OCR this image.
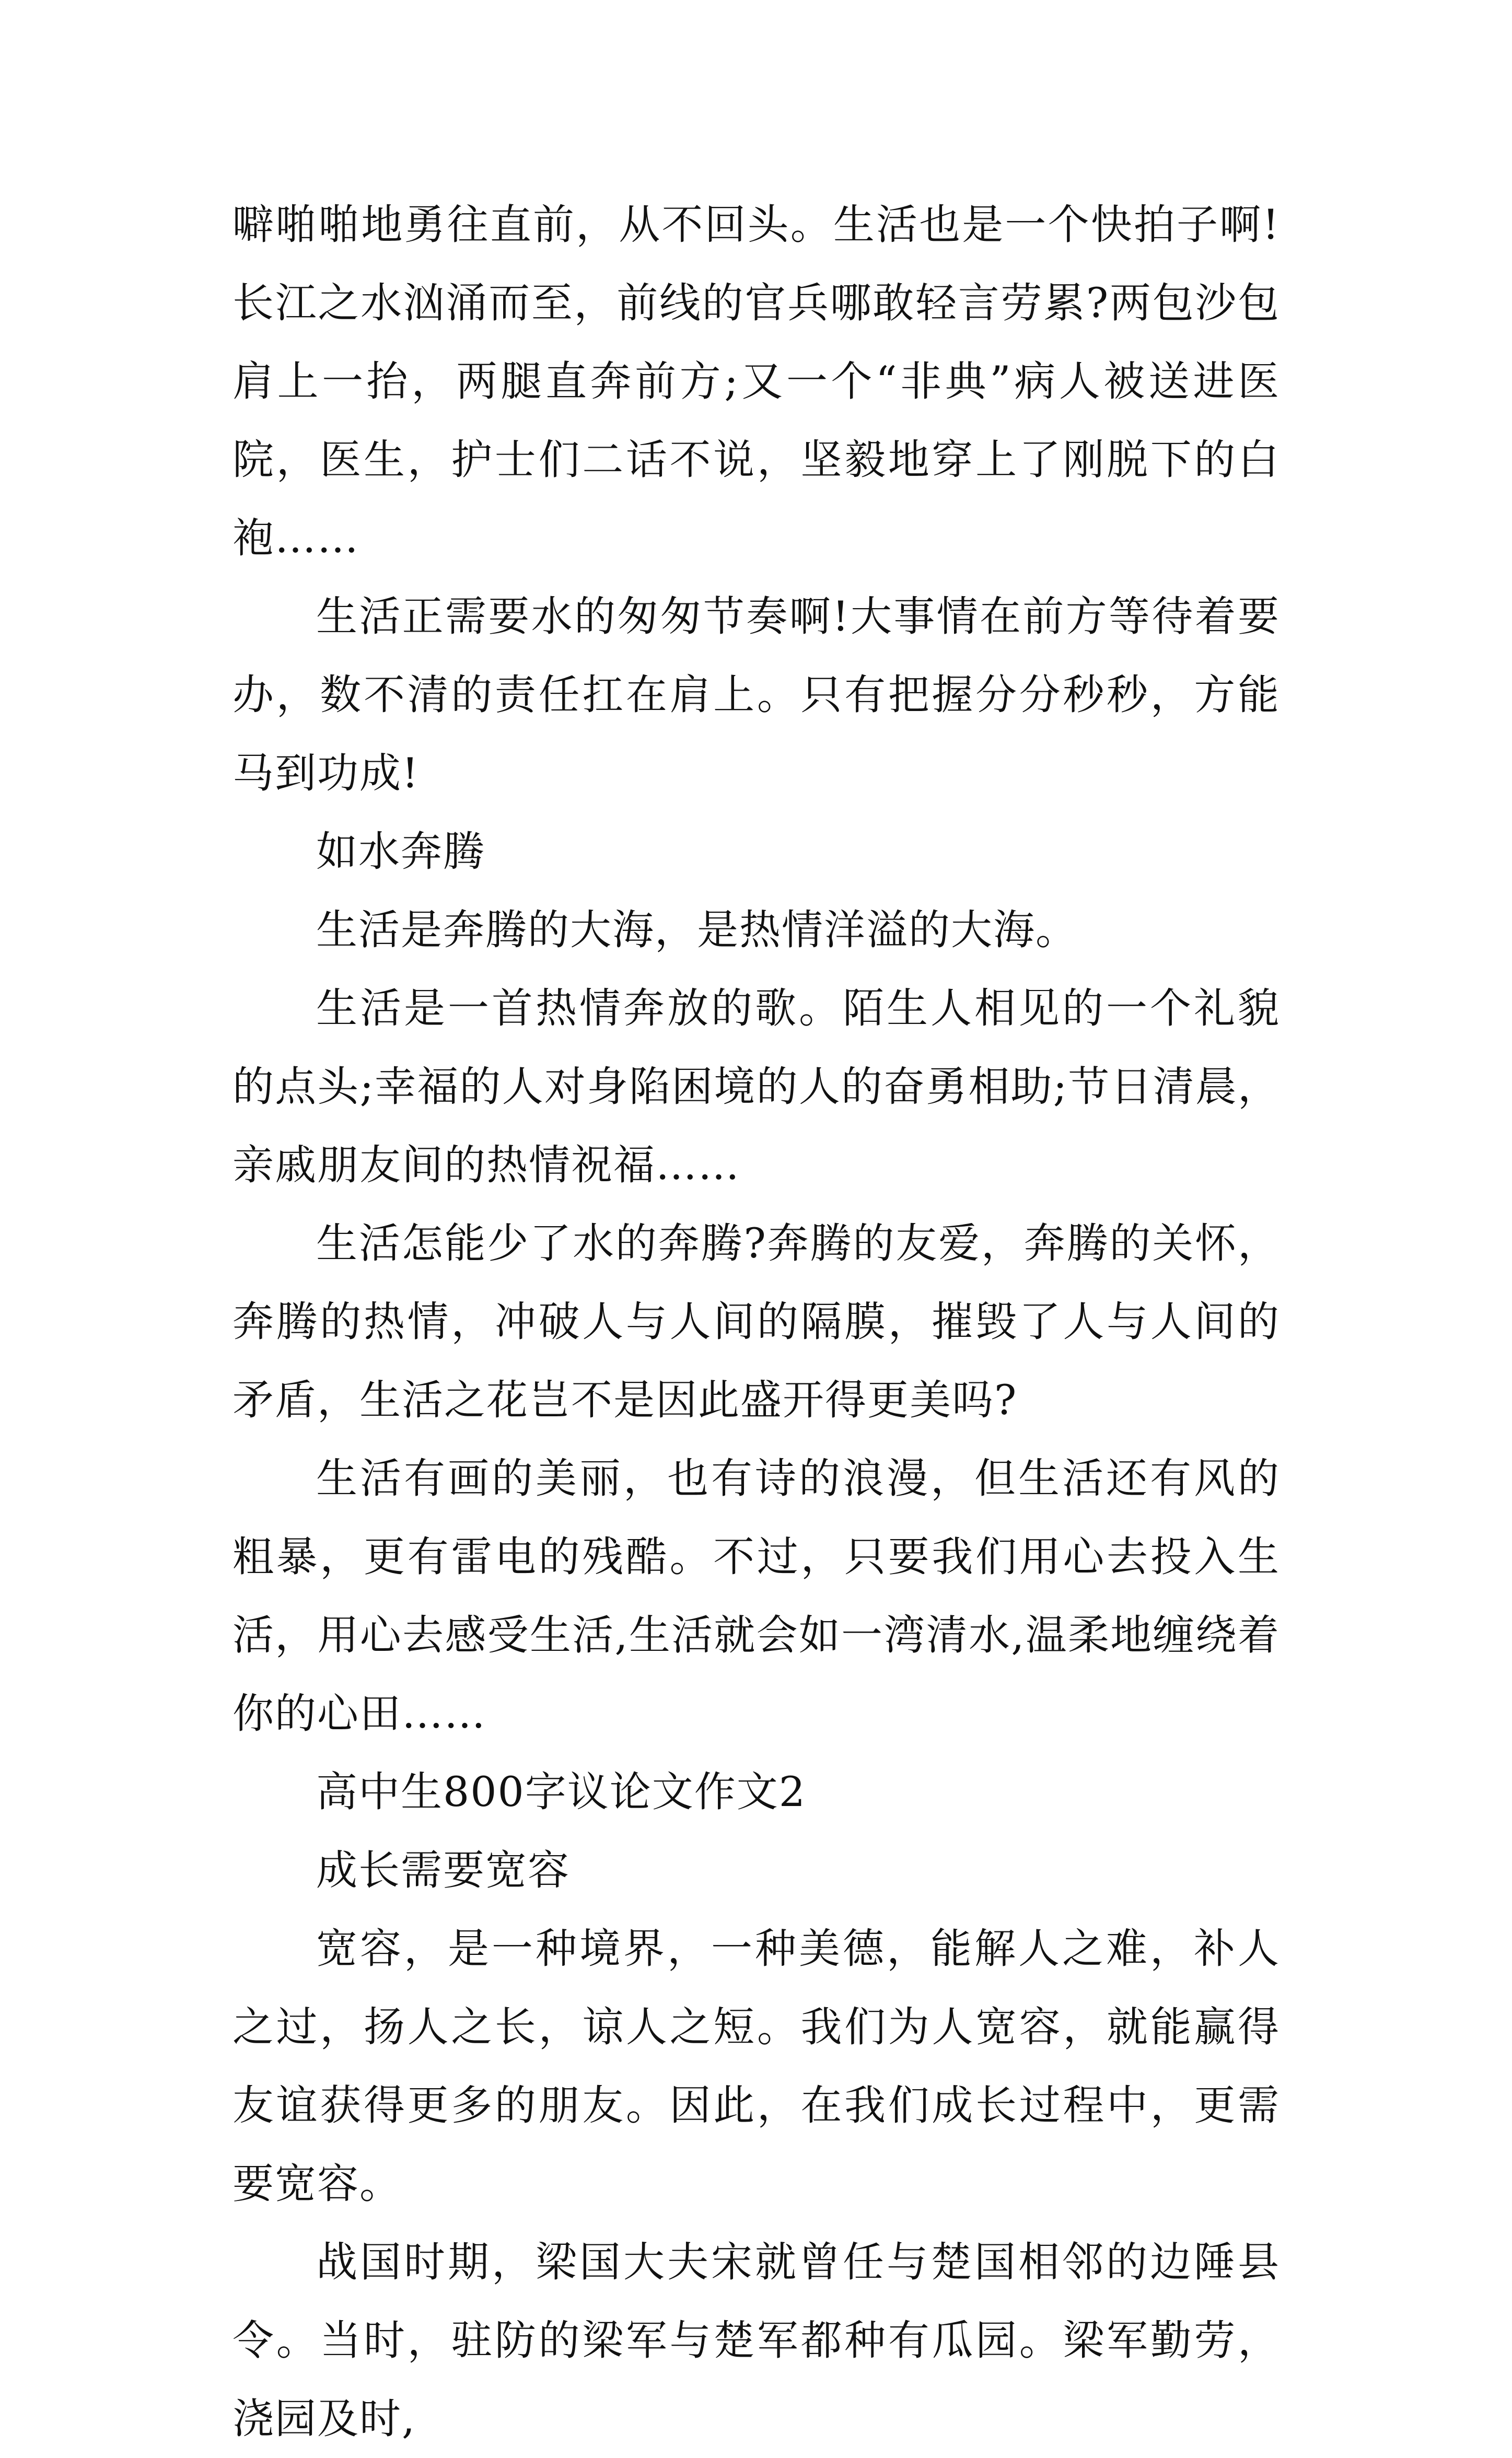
噼啪啪地勇往直前，从不回头。生活也是一个快拍子啊!长江之水汹涌而至，前线的官兵哪敢轻言劳累?两包沙包肩上一抬，两腿直奔前方;又一个“非典”病人被送进医院，医生，护士们二话不说，坚毅地穿上了刚脱下的白袍……

生活正需要水的匆匆节奏啊!大事情在前方等待着要办，数不清的责任扛在肩上。只有把握分分秒秒，方能马到功成!

如水奔腾

生活是奔腾的大海，是热情洋溢的大海。

生活是一首热情奔放的歌。陌生人相见的一个礼貌的点头;幸福的人对身陷困境的人的奋勇相助;节日清晨，亲戚朋友间的热情祝福……

生活怎能少了水的奔腾?奔腾的友爱，奔腾的关怀，奔腾的热情，冲破人与人间的隔膜，摧毁了人与人间的矛盾，生活之花岂不是因此盛开得更美吗?

生活有画的美丽，也有诗的浪漫，但生活还有风的粗暴，更有雷电的残酷。不过，只要我们用心去投入生活，用心去感受生活,生活就会如一湾清水,温柔地缠绕着你的心田……

高中生800字议论文作文2

成长需要宽容

宽容，是一种境界，一种美德，能解人之难，补人之过，扬人之长，谅人之短。我们为人宽容，就能赢得友谊获得更多的朋友。因此，在我们成长过程中，更需要宽容。

战国时期，梁国大夫宋就曾任与楚国相邻的边陲县令。当时，驻防的梁军与楚军都种有瓜园。梁军勤劳，浇园及时,
